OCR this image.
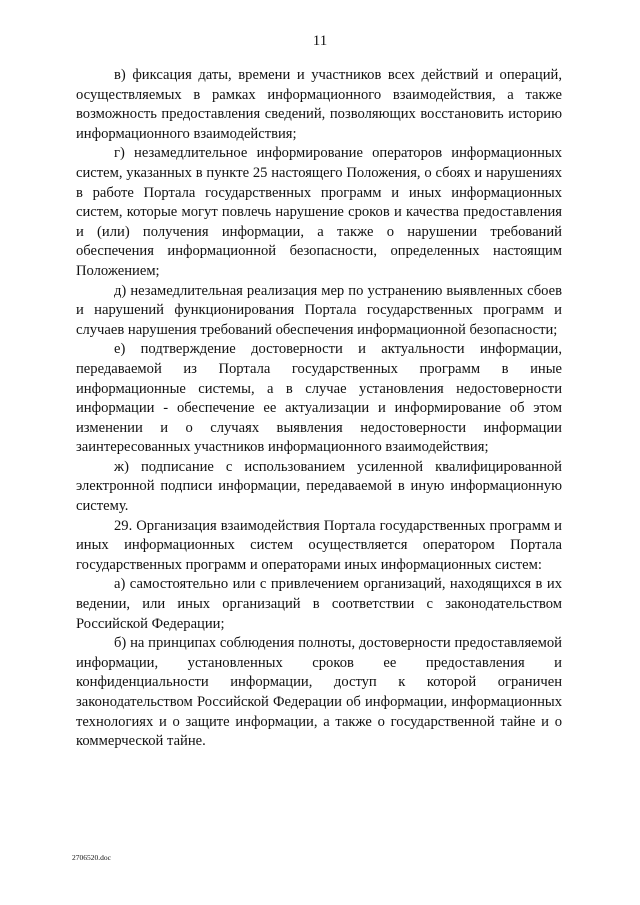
11

в) фиксация даты, времени и участников всех действий и операций, осуществляемых в рамках информационного взаимодействия, а также возможность предоставления сведений, позволяющих восстановить историю информационного взаимодействия;

г) незамедлительное информирование операторов информационных систем, указанных в пункте 25 настоящего Положения, о сбоях и нарушениях в работе Портала государственных программ и иных информационных систем, которые могут повлечь нарушение сроков и качества предоставления и (или) получения информации, а также о нарушении требований обеспечения информационной безопасности, определенных настоящим Положением;

д) незамедлительная реализация мер по устранению выявленных сбоев и нарушений функционирования Портала государственных программ и случаев нарушения требований обеспечения информационной безопасности;

е) подтверждение достоверности и актуальности информации, передаваемой из Портала государственных программ в иные информационные системы, а в случае установления недостоверности информации - обеспечение ее актуализации и информирование об этом изменении и о случаях выявления недостоверности информации заинтересованных участников информационного взаимодействия;

ж) подписание с использованием усиленной квалифицированной электронной подписи информации, передаваемой в иную информационную систему.

29. Организация взаимодействия Портала государственных программ и иных информационных систем осуществляется оператором Портала государственных программ и операторами иных информационных систем:

а) самостоятельно или с привлечением организаций, находящихся в их ведении, или иных организаций в соответствии с законодательством Российской Федерации;

б) на принципах соблюдения полноты, достоверности предоставляемой информации, установленных сроков ее предоставления и конфиденциальности информации, доступ к которой ограничен законодательством Российской Федерации об информации, информационных технологиях и о защите информации, а также о государственной тайне и о коммерческой тайне.

2706520.doc
